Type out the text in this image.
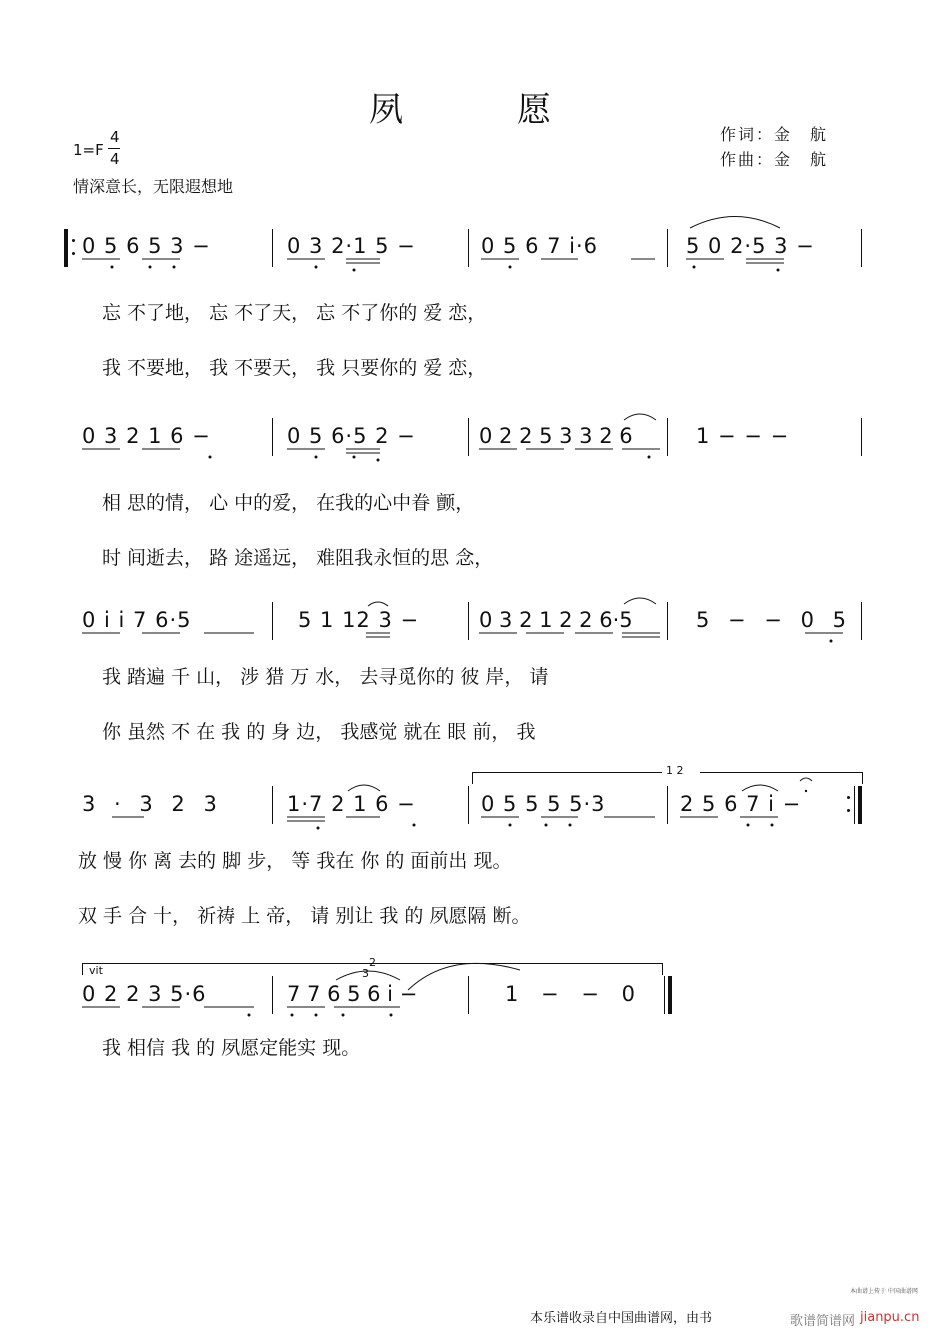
夙　愿
作词：金　航
作曲：金　航
1=F
4
4
情深意长，无限遐想地
0 5 6 5 3 −	0 3 2·1 5 −	0 5 6 7 i·6	5 0 2·5 3 −
忘 不了地， 忘 不了天， 忘 不了你的 爱 恋，
我 不要地， 我 不要天， 我 只要你的 爱 恋，
0 3 2 1 6 −	0 5 6·5 2 −	0 2 2 5 3 3 2 6	1 − − −
相 思的情， 心 中的爱， 在我的心中眷 颤，
时 间逝去， 路 途遥远， 难阻我永恒的思 念，
0 i i 7 6·5	5 1 12 3 −	0 3 2 1 2 2 6·5	5 − − 0 5
我 踏遍 千 山， 涉 猎 万 水， 去寻觅你的 彼 岸， 请
你 虽然 不 在 我 的 身 边， 我感觉 就在 眼 前， 我
1 2
3 · 3 2 3	1·7 2 1 6 −	0 5 5 5 5·3	2 5 6 7 i −
放 慢 你 离 去的 脚 步， 等 我在 你 的 面前出 现。
双 手 合 十， 祈祷 上 帝， 请 别让 我 的 夙愿隔 断。
vit	3
0 2 2 3 5·6	7 7 6 5 6 i −	1 − − 0
我 相信 我 的 夙愿定能实 现。
本乐谱收录自中国曲谱网，由书	歌谱简谱网 jianpu.cn
本曲谱上传于 中国曲谱网
